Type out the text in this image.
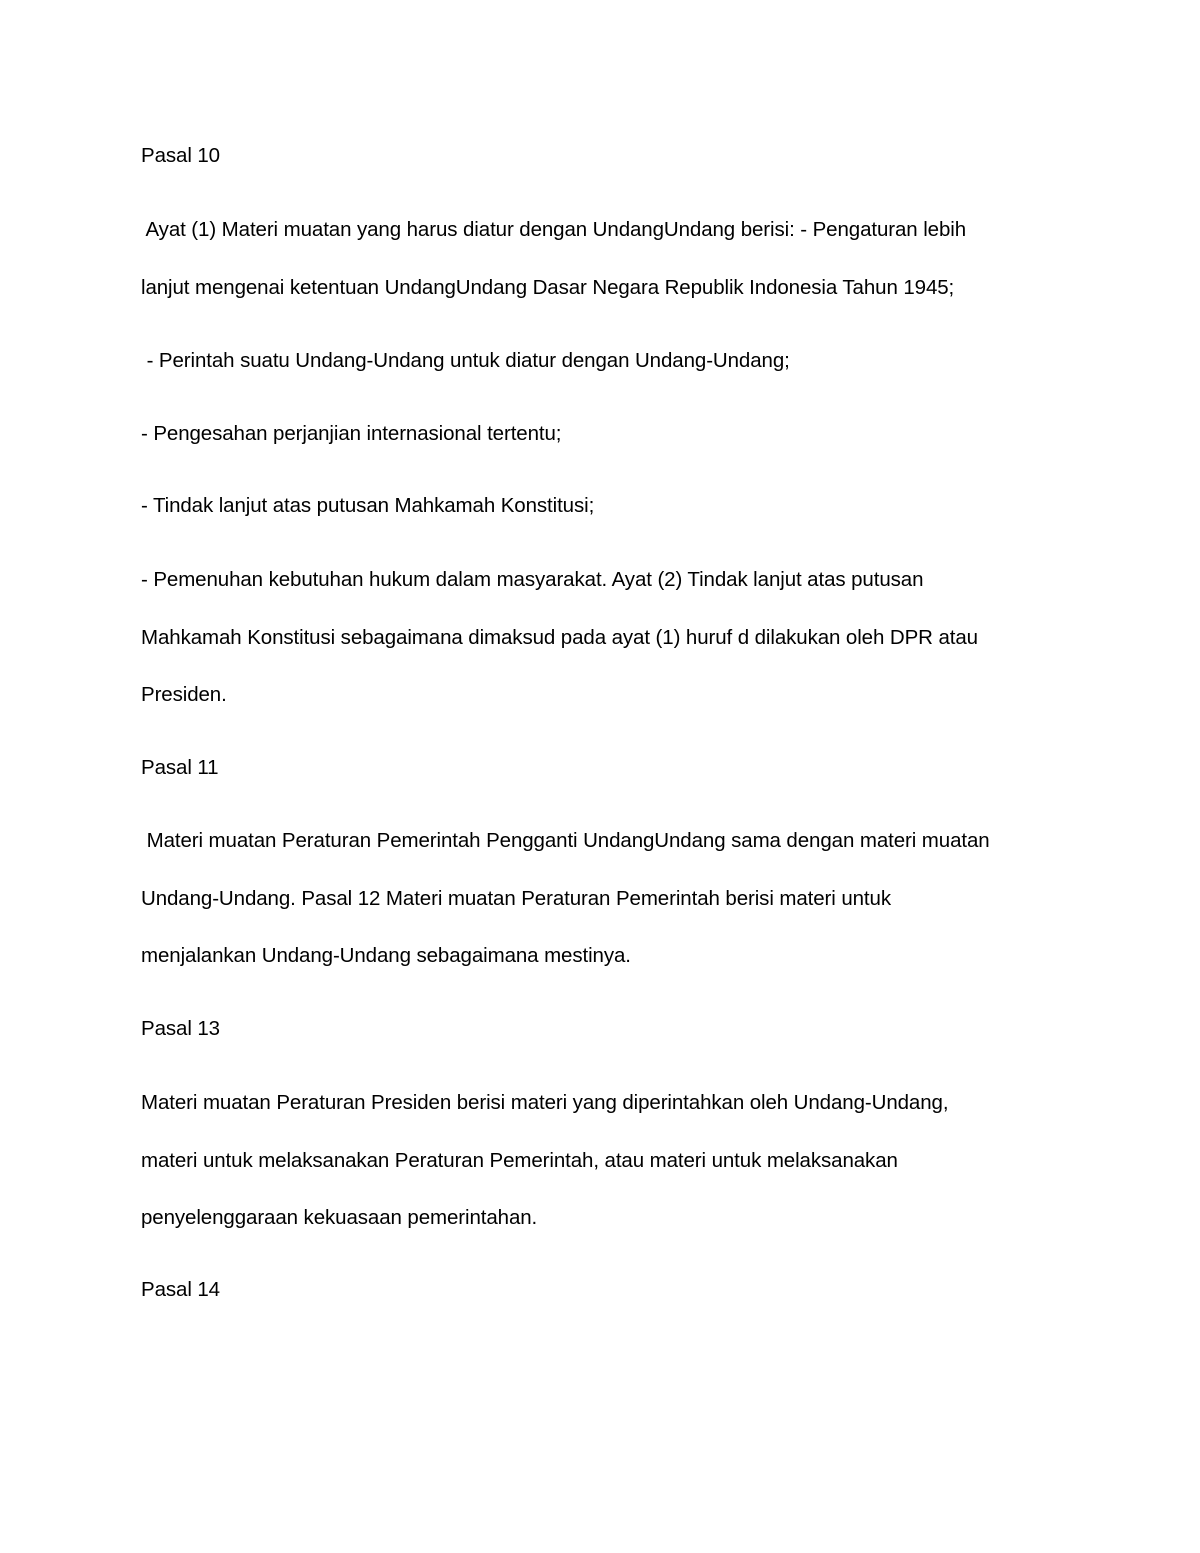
Pasal 10
Ayat (1) Materi muatan yang harus diatur dengan UndangUndang berisi: - Pengaturan lebih
lanjut mengenai ketentuan UndangUndang Dasar Negara Republik Indonesia Tahun 1945;
- Perintah suatu Undang-Undang untuk diatur dengan Undang-Undang;
- Pengesahan perjanjian internasional tertentu;
- Tindak lanjut atas putusan Mahkamah Konstitusi;
- Pemenuhan kebutuhan hukum dalam masyarakat. Ayat (2) Tindak lanjut atas putusan
Mahkamah Konstitusi sebagaimana dimaksud pada ayat (1) huruf d dilakukan oleh DPR atau
Presiden.
Pasal 11
Materi muatan Peraturan Pemerintah Pengganti UndangUndang sama dengan materi muatan
Undang-Undang. Pasal 12 Materi muatan Peraturan Pemerintah berisi materi untuk
menjalankan Undang-Undang sebagaimana mestinya.
Pasal 13
Materi muatan Peraturan Presiden berisi materi yang diperintahkan oleh Undang-Undang,
materi untuk melaksanakan Peraturan Pemerintah, atau materi untuk melaksanakan
penyelenggaraan kekuasaan pemerintahan.
Pasal 14
